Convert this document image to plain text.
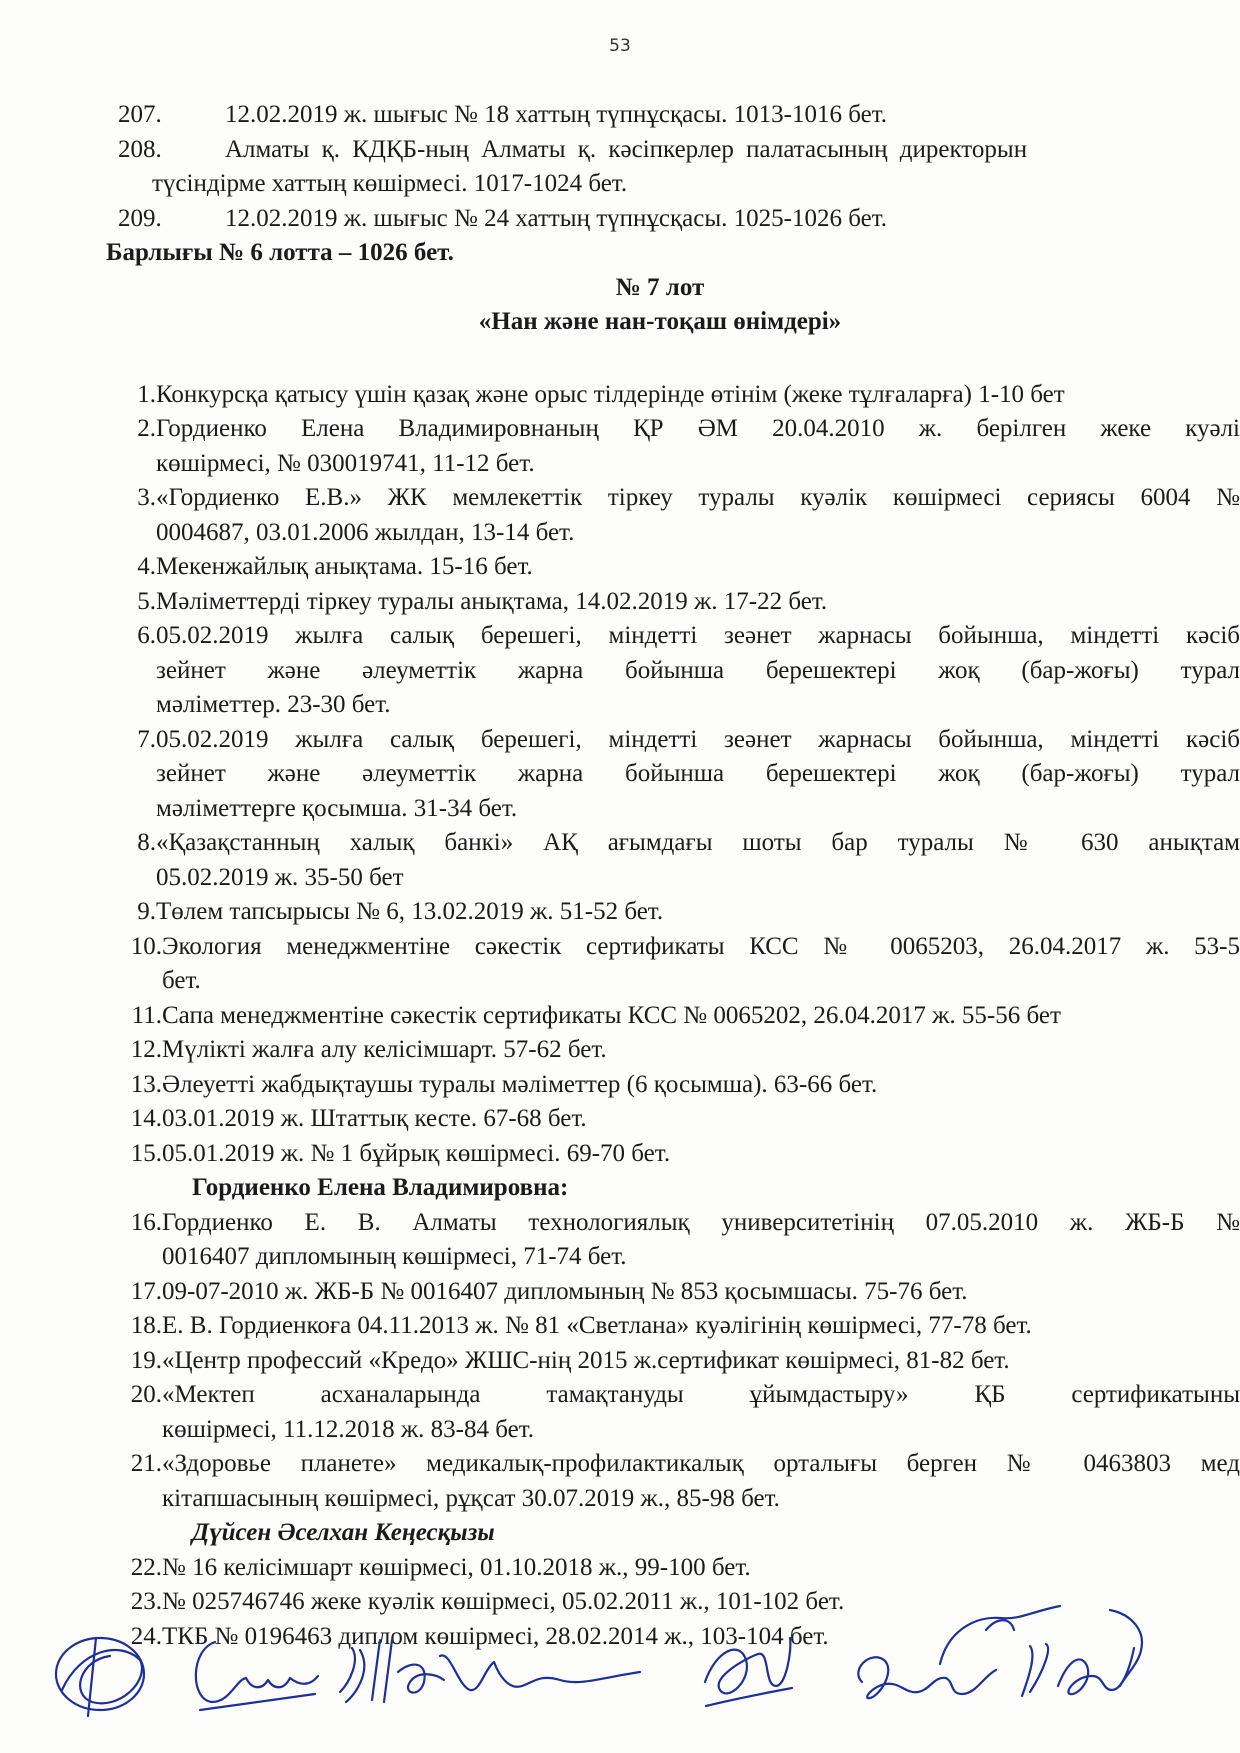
53
207.	12.02.2019 ж. шығыс № 18 хаттың түпнұсқасы. 1013-1016 бет.
208.	Алматы қ. КДҚБ-ның Алматы қ. кәсіпкерлер палатасының директорын
түсіндірме хаттың көшірмесі. 1017-1024 бет.
209.	12.02.2019 ж. шығыс № 24 хаттың түпнұсқасы. 1025-1026 бет.
Барлығы № 6 лотта – 1026 бет.
№ 7 лот
«Нан және нан-тоқаш өнімдері»
1. Конкурсқа қатысу үшін қазақ және орыс тілдерінде өтінім (жеке тұлғаларға) 1-10 бет
2. Гордиенко Елена Владимировнаның ҚР ӘМ 20.04.2010 ж. берілген жеке куәлі
көшірмесі, № 030019741, 11-12 бет.
3. «Гордиенко Е.В.» ЖК мемлекеттік тіркеу туралы куәлік көшірмесі сериясы 6004 №
0004687, 03.01.2006 жылдан, 13-14 бет.
4. Мекенжайлық анықтама. 15-16 бет.
5. Мәліметтерді тіркеу туралы анықтама, 14.02.2019 ж. 17-22 бет.
6. 05.02.2019 жылға салық берешегі, міндетті зеәнет жарнасы бойынша, міндетті кәсіб
зейнет және әлеуметтік жарна бойынша берешектері жоқ (бар-жоғы) турал
мәліметтер. 23-30 бет.
7. 05.02.2019 жылға салық берешегі, міндетті зеәнет жарнасы бойынша, міндетті кәсіб
зейнет және әлеуметтік жарна бойынша берешектері жоқ (бар-жоғы) турал
мәліметтерге қосымша. 31-34 бет.
8. «Қазақстанның халық банкі» АҚ ағымдағы шоты бар туралы № 630 анықтам
05.02.2019 ж. 35-50 бет
9. Төлем тапсырысы № 6, 13.02.2019 ж. 51-52 бет.
10. Экология менеджментіне сәкестік сертификаты КСС № 0065203, 26.04.2017 ж. 53-5
бет.
11. Сапа менеджментіне сәкестік сертификаты КСС № 0065202, 26.04.2017 ж. 55-56 бет
12. Мүлікті жалға алу келісімшарт. 57-62 бет.
13. Әлеуетті жабдықтаушы туралы мәліметтер (6 қосымша). 63-66 бет.
14. 03.01.2019 ж. Штаттық кесте. 67-68 бет.
15. 05.01.2019 ж. № 1 бұйрық көшірмесі. 69-70 бет.
Гордиенко Елена Владимировна:
16. Гордиенко Е. В. Алматы технологиялық университетінің 07.05.2010 ж. ЖБ-Б №
0016407 дипломының көшірмесі, 71-74 бет.
17. 09-07-2010 ж. ЖБ-Б № 0016407 дипломының № 853 қосымшасы. 75-76 бет.
18. Е. В. Гордиенкоға 04.11.2013 ж. № 81 «Светлана» куәлігінің көшірмесі, 77-78 бет.
19. «Центр профессий «Кредо» ЖШС-нің 2015 ж.сертификат көшірмесі, 81-82 бет.
20. «Мектеп асханаларында тамақтануды ұйымдастыру» ҚБ сертификатыны
көшірмесі, 11.12.2018 ж. 83-84 бет.
21. «Здоровье планете» медикалық-профилактикалық орталығы берген № 0463803 мед
кітапшасының көшірмесі, рұқсат 30.07.2019 ж., 85-98 бет.
Дүйсен Әселхан Кеңесқызы
22. № 16 келісімшарт көшірмесі, 01.10.2018 ж., 99-100 бет.
23. № 025746746 жеке куәлік көшірмесі, 05.02.2011 ж., 101-102 бет.
24. ТКБ № 0196463 диплом көшірмесі, 28.02.2014 ж., 103-104 бет.
